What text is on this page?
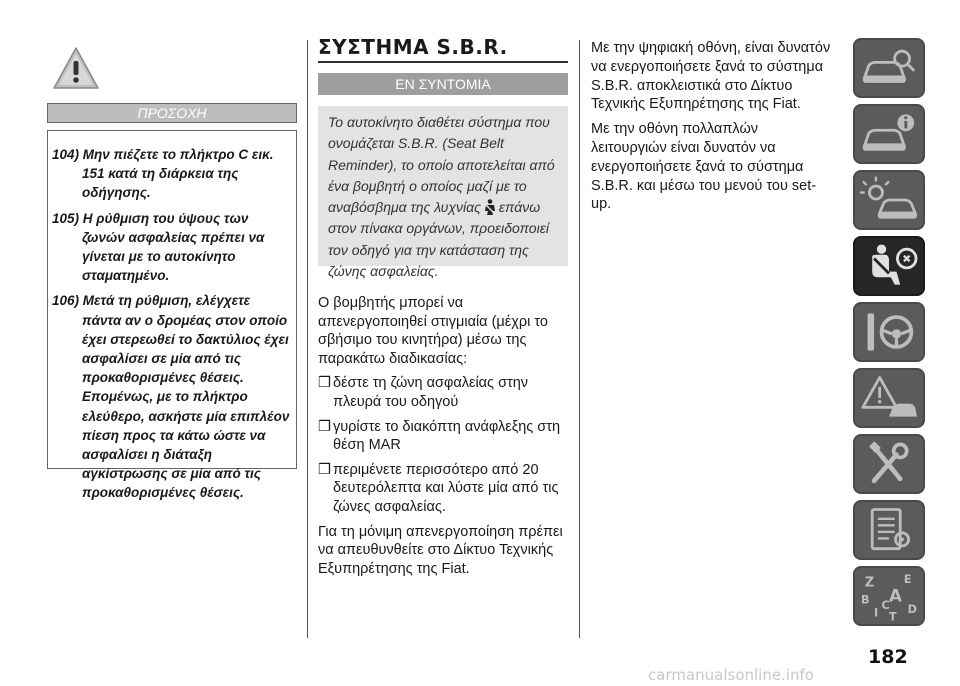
ΠΡΟΣΟΧΗ

104) Μην πιέζετε το πλήκτρο C εικ. 151 κατά τη διάρκεια της οδήγησης.

105) Η ρύθμιση του ύψους των ζωνών ασφαλείας πρέπει να γίνεται με το αυτοκίνητο σταματημένο.

106) Μετά τη ρύθμιση, ελέγχετε πάντα αν ο δρομέας στον οποίο έχει στερεωθεί το δακτύλιος έχει ασφαλίσει σε μία από τις προκαθορισμένες θέσεις. Επομένως, με το πλήκτρο ελεύθερο, ασκήστε μία επιπλέον πίεση προς τα κάτω ώστε να ασφαλίσει η διάταξη αγκίστρωσης σε μία από τις προκαθορισμένες θέσεις.

ΣΥΣΤΗΜΑ S.B.R.
ΕΝ ΣΥΝΤΟΜΙΑ
Το αυτοκίνητο διαθέτει σύστημα που ονομάζεται S.B.R. (Seat Belt Reminder), το οποίο αποτελείται από ένα βομβητή ο οποίος μαζί με το αναβόσβημα της λυχνίας επάνω στον πίνακα οργάνων, προειδοποιεί τον οδηγό για την κατάσταση της ζώνης ασφαλείας.

Ο βομβητής μπορεί να απενεργοποιηθεί στιγμιαία (μέχρι το σβήσιμο του κινητήρα) μέσω της παρακάτω διαδικασίας:

❒ δέστε τη ζώνη ασφαλείας στην πλευρά του οδηγού

❒ γυρίστε το διακόπτη ανάφλεξης στη θέση MAR

❒ περιμένετε περισσότερο από 20 δευτερόλεπτα και λύστε μία από τις ζώνες ασφαλείας.

Για τη μόνιμη απενεργοποίηση πρέπει να απευθυνθείτε στο Δίκτυο Τεχνικής Εξυπηρέτησης της Fiat.

Με την ψηφιακή οθόνη, είναι δυνατόν να ενεργοποιήσετε ξανά το σύστημα S.B.R. αποκλειστικά στο Δίκτυο Τεχνικής Εξυπηρέτησης της Fiat.

Με την οθόνη πολλαπλών λειτουργιών είναι δυνατόν να ενεργοποιήσετε ξανά το σύστημα S.B.R. και μέσω του μενού του set-up.

Z E
B A
I
C
T
D
182
carmanualsonline.info
